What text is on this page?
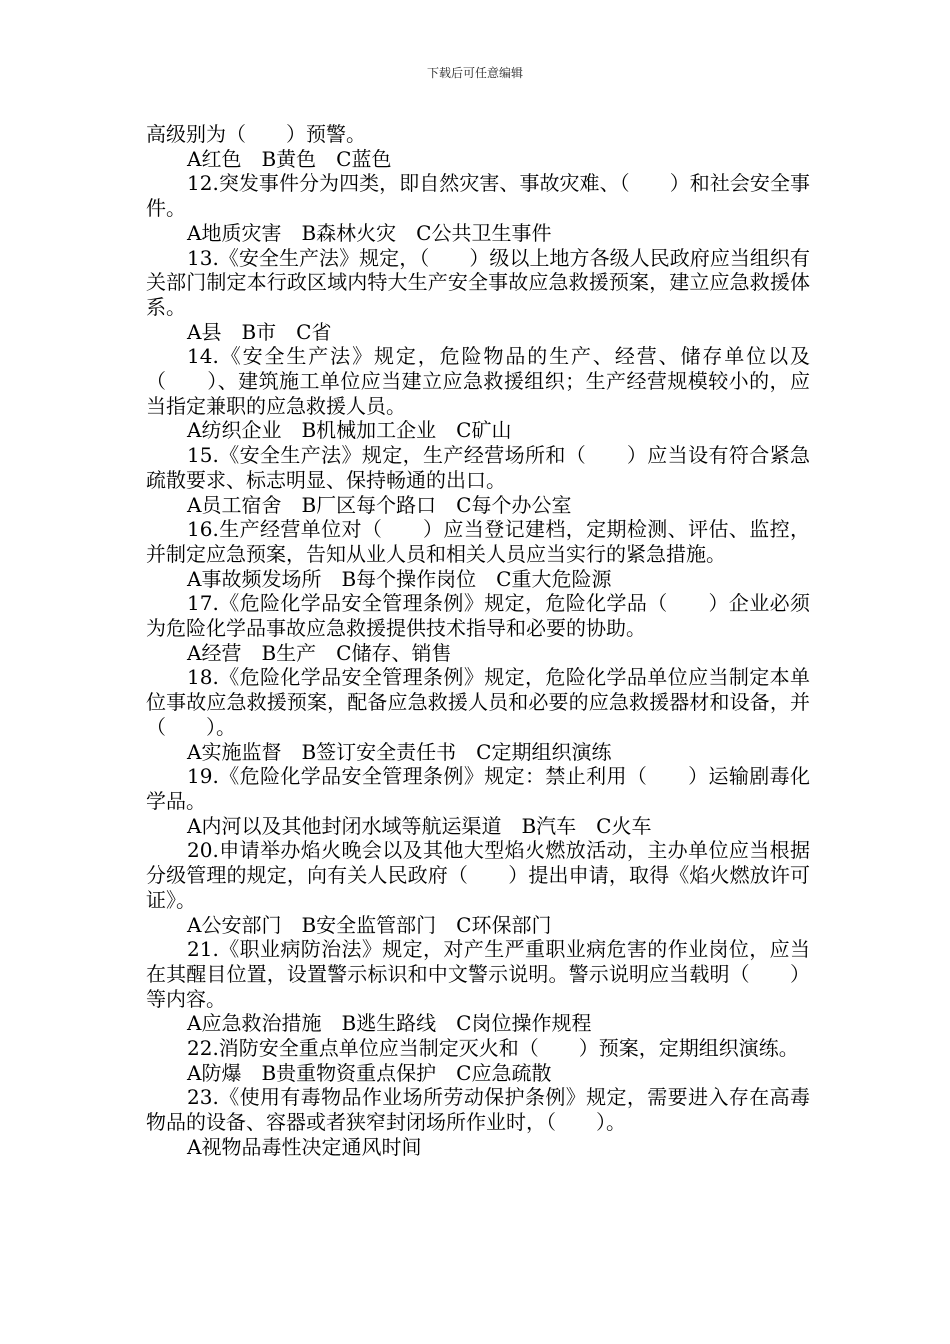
下载后可任意编辑

高级别为（　　）预警。

A红色　B黄色　C蓝色

12.突发事件分为四类，即自然灾害、事故灾难、（　　）和社会安全事件。

A地质灾害　B森林火灾　C公共卫生事件

13.《安全生产法》规定，（　　）级以上地方各级人民政府应当组织有关部门制定本行政区域内特大生产安全事故应急救援预案，建立应急救援体系。

A县　B市　C省

14.《安全生产法》规定，危险物品的生产、经营、储存单位以及（　　）、建筑施工单位应当建立应急救援组织；生产经营规模较小的，应当指定兼职的应急救援人员。

A纺织企业　B机械加工企业　C矿山

15.《安全生产法》规定，生产经营场所和（　　）应当设有符合紧急疏散要求、标志明显、保持畅通的出口。

A员工宿舍　B厂区每个路口　C每个办公室

16.生产经营单位对（　　）应当登记建档，定期检测、评估、监控，并制定应急预案，告知从业人员和相关人员应当实行的紧急措施。

A事故频发场所　B每个操作岗位　C重大危险源

17.《危险化学品安全管理条例》规定，危险化学品（　　）企业必须为危险化学品事故应急救援提供技术指导和必要的协助。

A经营　B生产　C储存、销售

18.《危险化学品安全管理条例》规定，危险化学品单位应当制定本单位事故应急救援预案，配备应急救援人员和必要的应急救援器材和设备，并（　　）。

A实施监督　B签订安全责任书　C定期组织演练

19.《危险化学品安全管理条例》规定：禁止利用（　　）运输剧毒化学品。

A内河以及其他封闭水域等航运渠道　B汽车　C火车

20.申请举办焰火晚会以及其他大型焰火燃放活动，主办单位应当根据分级管理的规定，向有关人民政府（　　）提出申请，取得《焰火燃放许可证》。

A公安部门　B安全监管部门　C环保部门

21.《职业病防治法》规定，对产生严重职业病危害的作业岗位，应当在其醒目位置，设置警示标识和中文警示说明。警示说明应当载明（　　）等内容。

A应急救治措施　B逃生路线　C岗位操作规程

22.消防安全重点单位应当制定灭火和（　　）预案，定期组织演练。

A防爆　B贵重物资重点保护　C应急疏散

23.《使用有毒物品作业场所劳动保护条例》规定，需要进入存在高毒物品的设备、容器或者狭窄封闭场所作业时，（　　）。

A视物品毒性决定通风时间
